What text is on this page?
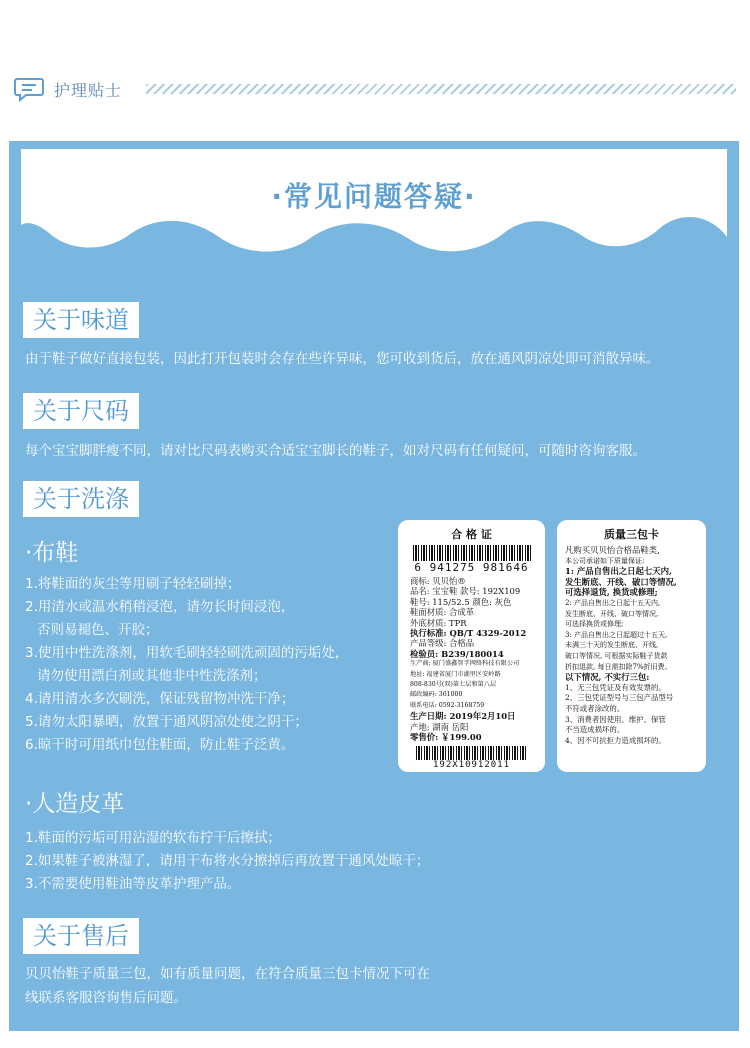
护理贴士
·常见问题答疑·
关于味道
由于鞋子做好直接包装，因此打开包装时会存在些许异味，您可收到货后，放在通风阴凉处即可消散异味。
关于尺码
每个宝宝脚胖瘦不同，请对比尺码表购买合适宝宝脚长的鞋子，如对尺码有任何疑问，可随时咨询客服。
关于洗涤
·布鞋
1.将鞋面的灰尘等用刷子轻轻刷掉；
2.用清水或温水稍稍浸泡，请勿长时间浸泡，
否则易褪色、开胶；
3.使用中性洗涤剂，用软毛刷轻轻刷洗顽固的污垢处，
请勿使用漂白剂或其他非中性洗涤剂；
4.请用清水多次刷洗，保证残留物冲洗干净；
5.请勿太阳暴晒，放置于通风阴凉处使之阴干；
6.晾干时可用纸巾包住鞋面，防止鞋子泛黄。
·人造皮革
1.鞋面的污垢可用沾湿的软布拧干后擦拭；
2.如果鞋子被淋湿了，请用干布将水分擦掉后再放置于通风处晾干；
3.不需要使用鞋油等皮革护理产品。
关于售后
贝贝怡鞋子质量三包，如有质量问题，在符合质量三包卡情况下可在
线联系客服咨询售后问题。
合 格 证
6 941275 981646
商标: 贝贝怡®
品名: 宝宝鞋 款号: 192X109
鞋号: 115/52.5 颜色: 灰色
鞋面材质: 合成革
外底材质: TPR
执行标准: QB/T 4329-2012
产品等级: 合格品
检验员: B239/180014
生产商: 厦门盛鑫智孚网络科技有限公司
地址: 福建省厦门市湖里区安岭路
808-830号(双)第七层和第八层
邮政编码: 361000
联系电话: 0592-3168759
生产日期: 2019年2月10日
产地: 湖南 岳阳
零售价: ￥199.00
192X10912011
质量三包卡
凡购买贝贝怡合格品鞋类,
本公司承诺如下质量保证:
1: 产品自售出之日起七天内,
发生断底、开线、破口等情况,
可选择退货, 换货或修理;
2: 产品自售出之日起十五天内,
发生断底、开线、破口等情况,
可选择换货或修理;
3: 产品自售出之日起超过十五天,
未满三十天的发生断底、开线,
破口等情况, 可根据实际鞋子货款
折扣退款, 每日需扣除7%折旧费。
以下情况, 不实行三包:
1、无三包凭证及有效发票的。
2、三包凭证型号与三包产品型号
不符或者涂改的。
3、消费者因使用、维护、保管
不当造成损坏的。
4、因不可抗拒力造成损坏的。
